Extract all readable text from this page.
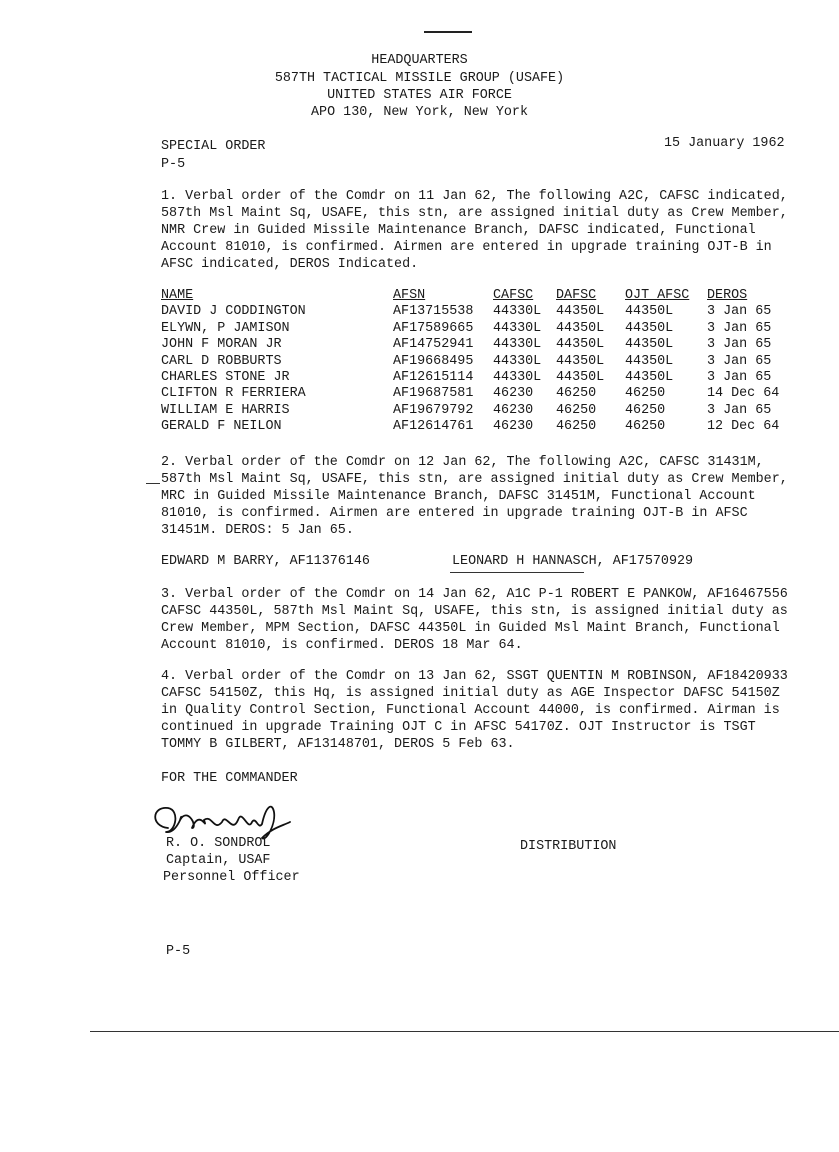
HEADQUARTERS
587TH TACTICAL MISSILE GROUP (USAFE)
UNITED STATES AIR FORCE
APO 130, New York, New York
SPECIAL ORDER
P-5
15 January 1962
1. Verbal order of the Comdr on 11 Jan 62, The following A2C, CAFSC indicated, 587th Msl Maint Sq, USAFE, this stn, are assigned initial duty as Crew Member, NMR Crew in Guided Missile Maintenance Branch, DAFSC indicated, Functional Account 81010, is confirmed. Airmen are entered in upgrade training OJT-B in AFSC indicated, DEROS Indicated.
NAME	AFSN	CAFSC DAFSC OJT AFSC DEROS
DAVID J CODDINGTON	AF13715538 44330L 44350L 44350L	3 Jan 65
ELYWN, P JAMISON	AF17589665 44330L 44350L 44350L	3 Jan 65
JOHN F MORAN JR	AF14752941 44330L 44350L 44350L	3 Jan 65
CARL D ROBBURTS	AF19668495 44330L 44350L 44350L	3 Jan 65
CHARLES STONE JR	AF12615114 44330L 44350L 44350L	3 Jan 65
CLIFTON R FERRIERA	AF19687581 46230 46250 46250	14 Dec 64
WILLIAM E HARRIS	AF19679792 46230 46250 46250	3 Jan 65
GERALD F NEILON	AF12614761 46230 46250 46250	12 Dec 64
2. Verbal order of the Comdr on 12 Jan 62, The following A2C, CAFSC 31431M, 587th Msl Maint Sq, USAFE, this stn, are assigned initial duty as Crew Member, MRC in Guided Missile Maintenance Branch, DAFSC 31451M, Functional Account 81010, is confirmed. Airmen are entered in upgrade training OJT-B in AFSC 31451M. DEROS: 5 Jan 65.
EDWARD M BARRY, AF11376146	LEONARD H HANNASCH, AF17570929
3. Verbal order of the Comdr on 14 Jan 62, A1C P-1 ROBERT E PANKOW, AF16467556 CAFSC 44350L, 587th Msl Maint Sq, USAFE, this stn, is assigned initial duty as Crew Member, MPM Section, DAFSC 44350L in Guided Msl Maint Branch, Functional Account 81010, is confirmed. DEROS 18 Mar 64.
4. Verbal order of the Comdr on 13 Jan 62, SSGT QUENTIN M ROBINSON, AF18420933 CAFSC 54150Z, this Hq, is assigned initial duty as AGE Inspector DAFSC 54150Z in Quality Control Section, Functional Account 44000, is confirmed. Airman is continued in upgrade Training OJT C in AFSC 54170Z. OJT Instructor is TSGT TOMMY B GILBERT, AF13148701, DEROS 5 Feb 63.
FOR THE COMMANDER
R. O. SONDROL
Captain, USAF
Personnel Officer
DISTRIBUTION
P-5
